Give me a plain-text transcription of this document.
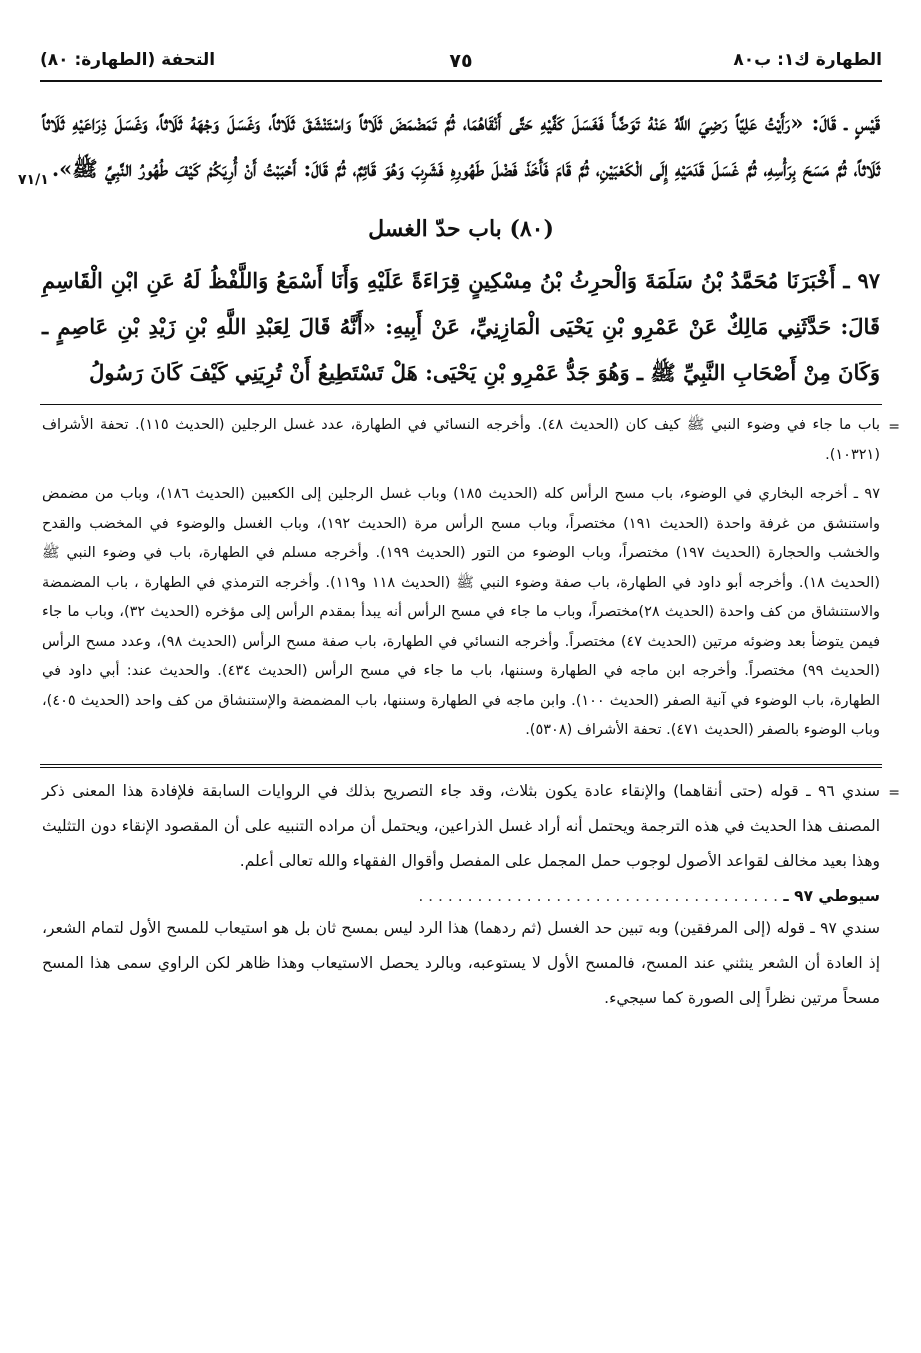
الطهارة ك١: ب٨٠
٧٥
التحفة (الطهارة: ٨٠)
٧١/١
قَيْسٍ ـ قَالَ: «رَأَيْتُ عَلِيّاً رَضِيَ اللَّهُ عَنْهُ تَوَضَّأَ فَغَسَلَ كَفَّيْهِ حَتَّى أَنْقَاهُمَا، ثُمَّ تَمَضْمَضَ ثَلَاثاً وَاسْتَنْشَقَ ثَلَاثاً، وَغَسَلَ وَجْهَهُ ثَلَاثاً، وَغَسَلَ ذِرَاعَيْهِ ثَلَاثاً ثَلَاثاً، ثُمَّ مَسَحَ بِرَأْسِهِ، ثُمَّ غَسَلَ قَدَمَيْهِ إِلَى الْكَعْبَيْنِ، ثُمَّ قَامَ فَأَخَذَ فَضْلَ طَهُورِهِ فَشَرِبَ وَهُوَ قَائِمٌ، ثُمَّ قَالَ: أَحْبَبْتُ أَنْ أُرِيَكُمْ كَيْفَ طُهُورُ النَّبِيِّ ﷺ».
(٨٠) باب حدّ الغسل
٩٧ ـ أَخْبَرَنَا مُحَمَّدُ بْنُ سَلَمَةَ وَالْحرِثُ بْنُ مِسْكِينٍ قِرَاءَةً عَلَيْهِ وَأَنَا أَسْمَعُ وَاللَّفْظُ لَهُ عَنِ ابْنِ الْقَاسِمِ قَالَ: حَدَّثَنِي مَالِكٌ عَنْ عَمْرِو بْنِ يَحْيَى الْمَازِنِيِّ، عَنْ أَبِيهِ: «أَنَّهُ قَالَ لِعَبْدِ اللَّهِ بْنِ زَيْدِ بْنِ عَاصِمٍ ـ وَكَانَ مِنْ أَصْحَابِ النَّبِيِّ ﷺ ـ وَهُوَ جَدُّ عَمْرِو بْنِ يَحْيَى: هَلْ تَسْتَطِيعُ أَنْ تُرِيَنِي كَيْفَ كَانَ رَسُولُ
=

باب ما جاء في وضوء النبي ﷺ كيف كان (الحديث ٤٨). وأخرجه النسائي في الطهارة، عدد غسل الرجلين (الحديث ١١٥). تحفة الأشراف (١٠٣٢١).

٩٧ ـ أخرجه البخاري في الوضوء، باب مسح الرأس كله (الحديث ١٨٥) وباب غسل الرجلين إلى الكعبين (الحديث ١٨٦)، وباب من مضمض واستنشق من غرفة واحدة (الحديث ١٩١) مختصراً، وباب مسح الرأس مرة (الحديث ١٩٢)، وباب الغسل والوضوء في المخضب والقدح والخشب والحجارة (الحديث ١٩٧) مختصراً، وباب الوضوء من التور (الحديث ١٩٩). وأخرجه مسلم في الطهارة، باب في وضوء النبي ﷺ (الحديث ١٨). وأخرجه أبو داود في الطهارة، باب صفة وضوء النبي ﷺ (الحديث ١١٨ و١١٩). وأخرجه الترمذي في الطهارة ، باب المضمضة والاستنشاق من كف واحدة (الحديث ٢٨)مختصراً، وباب ما جاء في مسح الرأس أنه يبدأ بمقدم الرأس إلى مؤخره (الحديث ٣٢)، وباب ما جاء فيمن يتوضأ بعد وضوئه مرتين (الحديث ٤٧) مختصراً. وأخرجه النسائي في الطهارة، باب صفة مسح الرأس (الحديث ٩٨)، وعدد مسح الرأس (الحديث ٩٩) مختصراً. وأخرجه ابن ماجه في الطهارة وسننها، باب ما جاء في مسح الرأس (الحديث ٤٣٤). والحديث عند: أبي داود في الطهارة، باب الوضوء في آنية الصفر (الحديث ١٠٠). وابن ماجه في الطهارة وسننها، باب المضمضة والإستنشاق من كف واحد (الحديث ٤٠٥)، وباب الوضوء بالصفر (الحديث ٤٧١). تحفة الأشراف (٥٣٠٨).

=

سندي ٩٦ ـ قوله (حتى أنقاهما) والإنقاء عادة يكون بثلاث، وقد جاء التصريح بذلك في الروايات السابقة فلإفادة هذا المعنى ذكر المصنف هذا الحديث في هذه الترجمة ويحتمل أنه أراد غسل الذراعين، ويحتمل أن مراده التنبيه على أن المقصود الإنقاء دون التثليث وهذا بعيد مخالف لقواعد الأصول لوجوب حمل المجمل على المفصل وأقوال الفقهاء والله تعالى أعلم.

سيوطي ٩٧ ـ . . . . . . . . . . . . . . . . . . . . . . . . . . . . . . . . . . . . .

سندي ٩٧ ـ قوله (إلى المرفقين) وبه تبين حد الغسل (ثم ردهما) هذا الرد ليس بمسح ثان بل هو استيعاب للمسح الأول لتمام الشعر، إذ العادة أن الشعر ينثني عند المسح، فالمسح الأول لا يستوعبه، وبالرد يحصل الاستيعاب وهذا ظاهر لكن الراوي سمى هذا المسح مسحاً مرتين نظراً إلى الصورة كما سيجيء.
